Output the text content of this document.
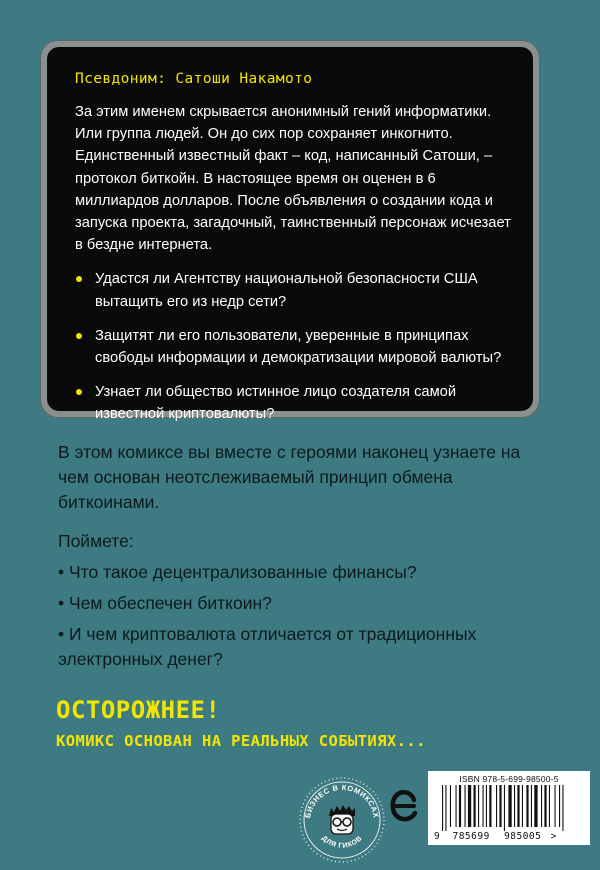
Псевдоним: Сатоши Накамото

За этим именем скрывается анонимный гений информатики. Или группа людей. Он до сих пор сохраняет инкогнито. Единственный известный факт – код, написанный Сатоши, – протокол биткойн. В настоящее время он оценен в 6 миллиардов долларов. После объявления о создании кода и запуска проекта, загадочный, таинственный персонаж исчезает в бездне интернета.

Удастся ли Агентству национальной безопасности США вытащить его из недр сети?
Защитят ли его пользователи, уверенные в принципах свободы информации и демократизации мировой валюты?
Узнает ли общество истинное лицо создателя самой известной криптовалюты?

В этом комиксе вы вместе с героями наконец узнаете на чем основан неотслеживаемый принцип обмена биткоинами.

Поймете:

• Что такое децентрализованные финансы?
• Чем обеспечен биткоин?
• И чем криптовалюта отличается от традиционных электронных денег?
ОСТОРОЖНЕЕ!
КОМИКС ОСНОВАН НА РЕАЛЬНЫХ СОБЫТИЯХ...
БИЗНЕС В КОМИКСАХ
ДЛЯ ГИКОВ
ISBN 978-5-699-98500-5
9 785699 985005 >
